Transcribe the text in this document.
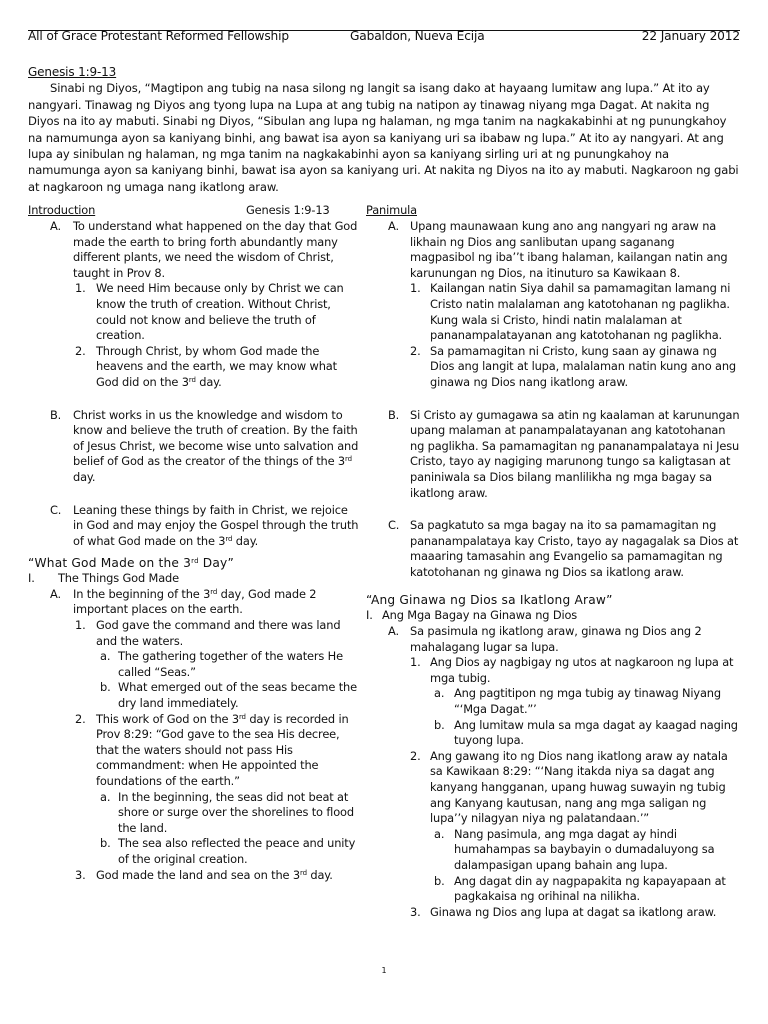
All of Grace Protestant Reformed Fellowship	Gabaldon, Nueva Ecija	22 January 2012
Genesis 1:9-13

Sinabi ng Diyos, “Magtipon ang tubig na nasa silong ng langit sa isang dako at hayaang lumitaw ang lupa.” At ito ay nangyari. Tinawag ng Diyos ang tyong lupa na Lupa at ang tubig na natipon ay tinawag niyang mga Dagat. At nakita ng Diyos na ito ay mabuti. Sinabi ng Diyos, “Sibulan ang lupa ng halaman, ng mga tanim na nagkakabinhi at ng punungkahoy na namumunga ayon sa kaniyang binhi, ang bawat isa ayon sa kaniyang uri sa ibabaw ng lupa.” At ito ay nangyari. At ang lupa ay sinibulan ng halaman, ng mga tanim na nagkakabinhi ayon sa kaniyang sirling uri at ng punungkahoy na namumunga ayon sa kaniyang binhi, bawat isa ayon sa kaniyang uri. At nakita ng Diyos na ito ay mabuti. Nagkaroon ng gabi at nagkaroon ng umaga nang ikatlong araw.

Introduction	Genesis 1:9-13
A. To understand what happened on the day that God made the earth to bring forth abundantly many different plants, we need the wisdom of Christ, taught in Prov 8.
1. We need Him because only by Christ we can know the truth of creation. Without Christ, could not know and believe the truth of creation.
2. Through Christ, by whom God made the heavens and the earth, we may know what God did on the 3rd day.
B. Christ works in us the knowledge and wisdom to know and believe the truth of creation. By the faith of Jesus Christ, we become wise unto salvation and belief of God as the creator of the things of the 3rd day.
C. Leaning these things by faith in Christ, we rejoice in God and may enjoy the Gospel through the truth of what God made on the 3rd day.
“What God Made on the 3rd Day”
I. The Things God Made
A. In the beginning of the 3rd day, God made 2 important places on the earth.
1. God gave the command and there was land and the waters.
a. The gathering together of the waters He called “Seas.”
b. What emerged out of the seas became the dry land immediately.
2. This work of God on the 3rd day is recorded in Prov 8:29: “God gave to the sea His decree, that the waters should not pass His commandment: when He appointed the foundations of the earth.”
a. In the beginning, the seas did not beat at shore or surge over the shorelines to flood the land.
b. The sea also reflected the peace and unity of the original creation.
3. God made the land and sea on the 3rd day.
Panimula
A. Upang maunawaan kung ano ang nangyari ng araw na likhain ng Dios ang sanlibutan upang saganang magpasibol ng iba’’t ibang halaman, kailangan natin ang karunungan ng Dios, na itinuturo sa Kawikaan 8.
1. Kailangan natin Siya dahil sa pamamagitan lamang ni Cristo natin malalaman ang katotohanan ng paglikha. Kung wala si Cristo, hindi natin malalaman at pananampalatayanan ang katotohanan ng paglikha.
2. Sa pamamagitan ni Cristo, kung saan ay ginawa ng Dios ang langit at lupa, malalaman natin kung ano ang ginawa ng Dios nang ikatlong araw.
B. Si Cristo ay gumagawa sa atin ng kaalaman at karunungan upang malaman at panampalatayanan ang katotohanan ng paglikha. Sa pamamagitan ng pananampalataya ni Jesu Cristo, tayo ay nagiging marunong tungo sa kaligtasan at paniniwala sa Dios bilang manlilikha ng mga bagay sa ikatlong araw.
C. Sa pagkatuto sa mga bagay na ito sa pamamagitan ng pananampalataya kay Cristo, tayo ay nagagalak sa Dios at maaaring tamasahin ang Evangelio sa pamamagitan ng katotohanan ng ginawa ng Dios sa ikatlong araw.
“Ang Ginawa ng Dios sa Ikatlong Araw”
I. Ang Mga Bagay na Ginawa ng Dios
A. Sa pasimula ng ikatlong araw, ginawa ng Dios ang 2 mahalagang lugar sa lupa.
1. Ang Dios ay nagbigay ng utos at nagkaroon ng lupa at mga tubig.
a. Ang pagtitipon ng mga tubig ay tinawag Niyang “‘Mga Dagat.”’
b. Ang lumitaw mula sa mga dagat ay kaagad naging tuyong lupa.
2. Ang gawang ito ng Dios nang ikatlong araw ay natala sa Kawikaan 8:29: “‘Nang itakda niya sa dagat ang kanyang hangganan, upang huwag suwayin ng tubig ang Kanyang kautusan, nang ang mga saligan ng lupa’’y nilagyan niya ng palatandaan.’”
a. Nang pasimula, ang mga dagat ay hindi humahampas sa baybayin o dumadaluyong sa dalampasigan upang bahain ang lupa.
b. Ang dagat din ay nagpapakita ng kapayapaan at pagkakaisa ng orihinal na nilikha.
3. Ginawa ng Dios ang lupa at dagat sa ikatlong araw.
1
